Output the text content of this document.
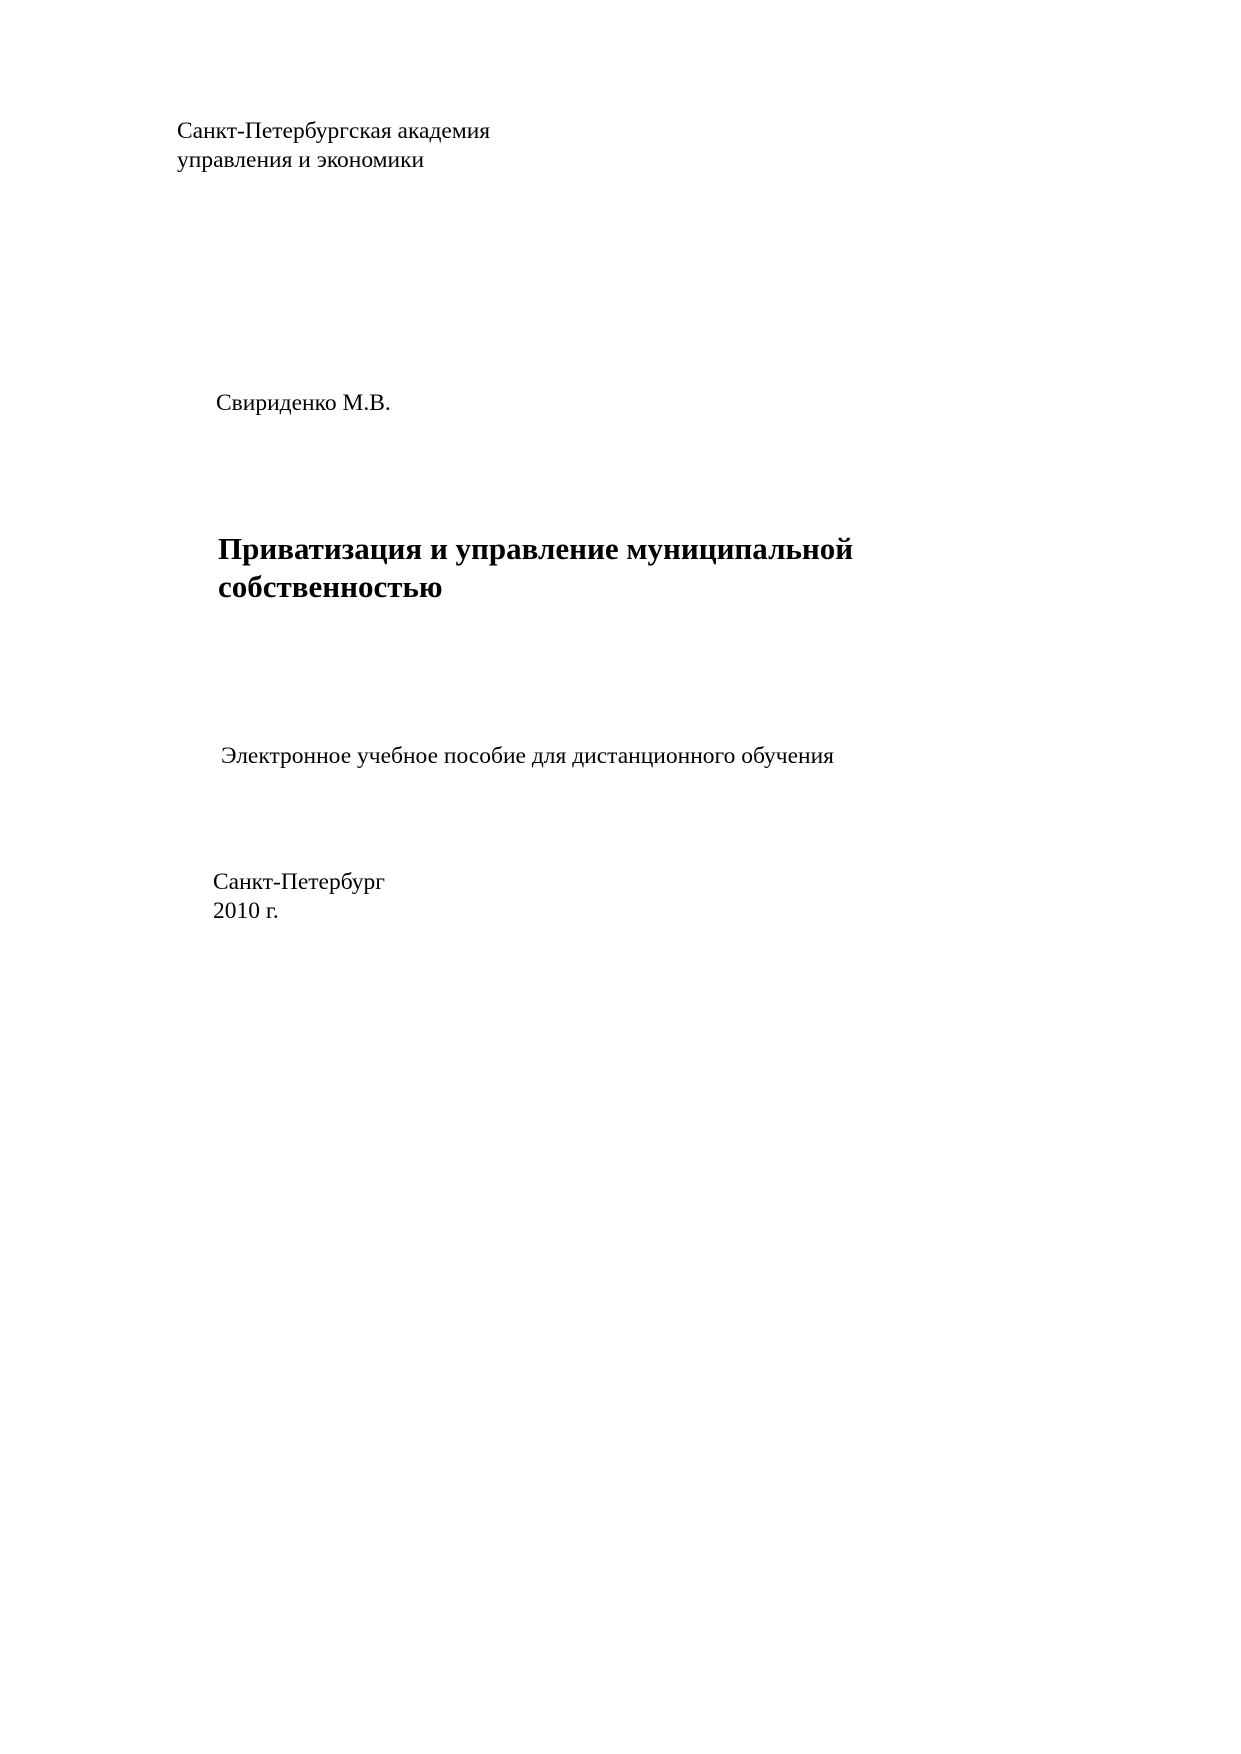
Санкт-Петербургская академия
управления и экономики
Свириденко М.В.
Приватизация и управление муниципальной
собственностью
Электронное учебное пособие для дистанционного обучения
Санкт-Петербург
2010 г.
